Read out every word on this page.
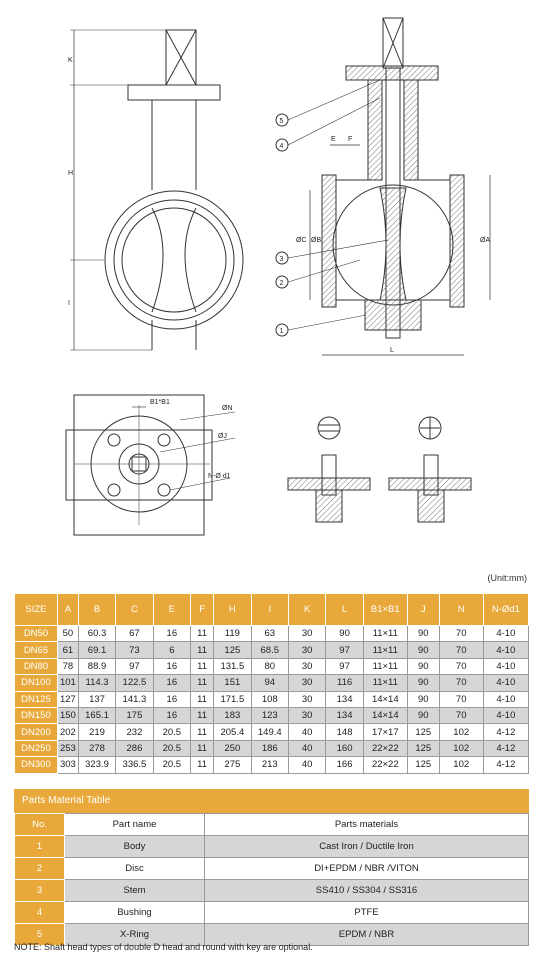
K
H
I
E F
ØC ØB	ØA
L
B1*B1
ØN
ØJ
N-Ø d1
5
4
3
2
1
(Unit:mm)
SIZE	A	B	C	E	F	H	I	K	L	B1×B1	J	N	N-Ød1
DN50	50	60.3	67	16	11	119	63	30	90	11×11	90	70	4-10
DN65	61	69.1	73	6	11	125	68.5	30	97	11×11	90	70	4-10
DN80	78	88.9	97	16	11	131.5	80	30	97	11×11	90	70	4-10
DN100	101	114.3	122.5	16	11	151	94	30	116	11×11	90	70	4-10
DN125	127	137	141.3	16	11	171.5	108	30	134	14×14	90	70	4-10
DN150	150	165.1	175	16	11	183	123	30	134	14×14	90	70	4-10
DN200	202	219	232	20.5	11	205.4	149.4	40	148	17×17	125	102	4-12
DN250	253	278	286	20.5	11	250	186	40	160	22×22	125	102	4-12
DN300	303	323.9	336.5	20.5	11	275	213	40	166	22×22	125	102	4-12
Parts Material Table
No.	Part name	Parts materials
1	Body	Cast Iron / Ductile Iron
2	Disc	DI+EPDM / NBR /VITON
3	Stem	SS410 / SS304 / SS316
4	Bushing	PTFE
5	X-Ring	EPDM / NBR
NOTE: Shaft head types of double D head and round with key are optional.
